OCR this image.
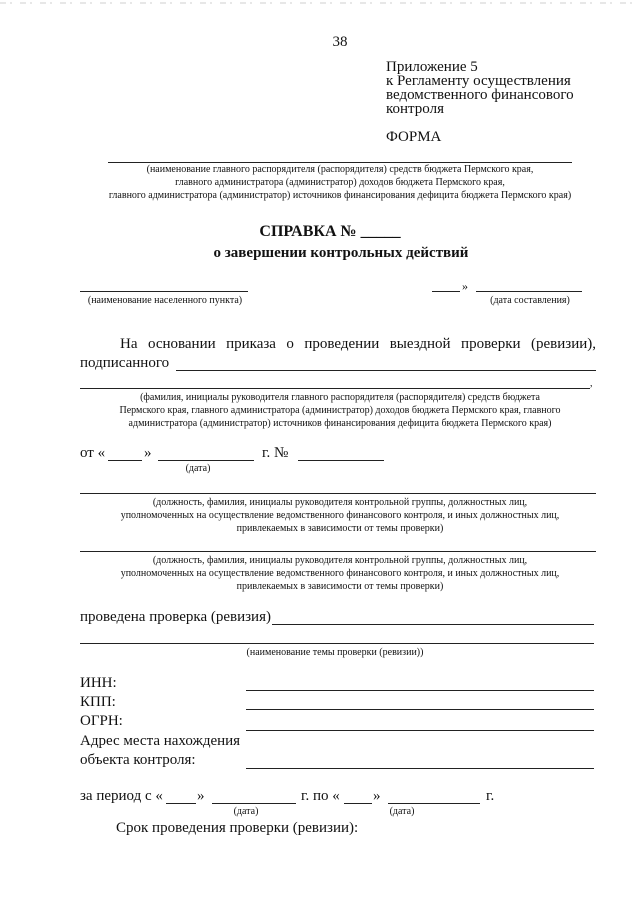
38
Приложение 5
к Регламенту осуществления
ведомственного финансового
контроля
ФОРМА
(наименование главного распорядителя (распорядителя) средств бюджета Пермского края,
главного администратора (администратор) доходов бюджета Пермского края,
главного администратора (администратор) источников финансирования дефицита бюджета Пермского края)
СПРАВКА № _____
о завершении контрольных действий
(наименование населенного пункта)
»
(дата составления)
На основании приказа о проведении выездной проверки (ревизии),
подписанного
,
(фамилия, инициалы руководителя главного распорядителя (распорядителя) средств бюджета
Пермского края, главного администратора (администратор) доходов бюджета Пермского края, главного
администратора (администратор) источников финансирования дефицита бюджета Пермского края)
от «	»	г. №
(дата)
(должность, фамилия, инициалы руководителя контрольной группы, должностных лиц,
уполномоченных на осуществление ведомственного финансового контроля, и иных должностных лиц,
привлекаемых в зависимости от темы проверки)
(должность, фамилия, инициалы руководителя контрольной группы, должностных лиц,
уполномоченных на осуществление ведомственного финансового контроля, и иных должностных лиц,
привлекаемых в зависимости от темы проверки)
проведена проверка (ревизия)
(наименование темы проверки (ревизии))
ИНН:
КПП:
ОГРН:
Адрес места нахождения
объекта контроля:
за период с « »	г. по « »	г.
(дата)	(дата)
Срок проведения проверки (ревизии):
